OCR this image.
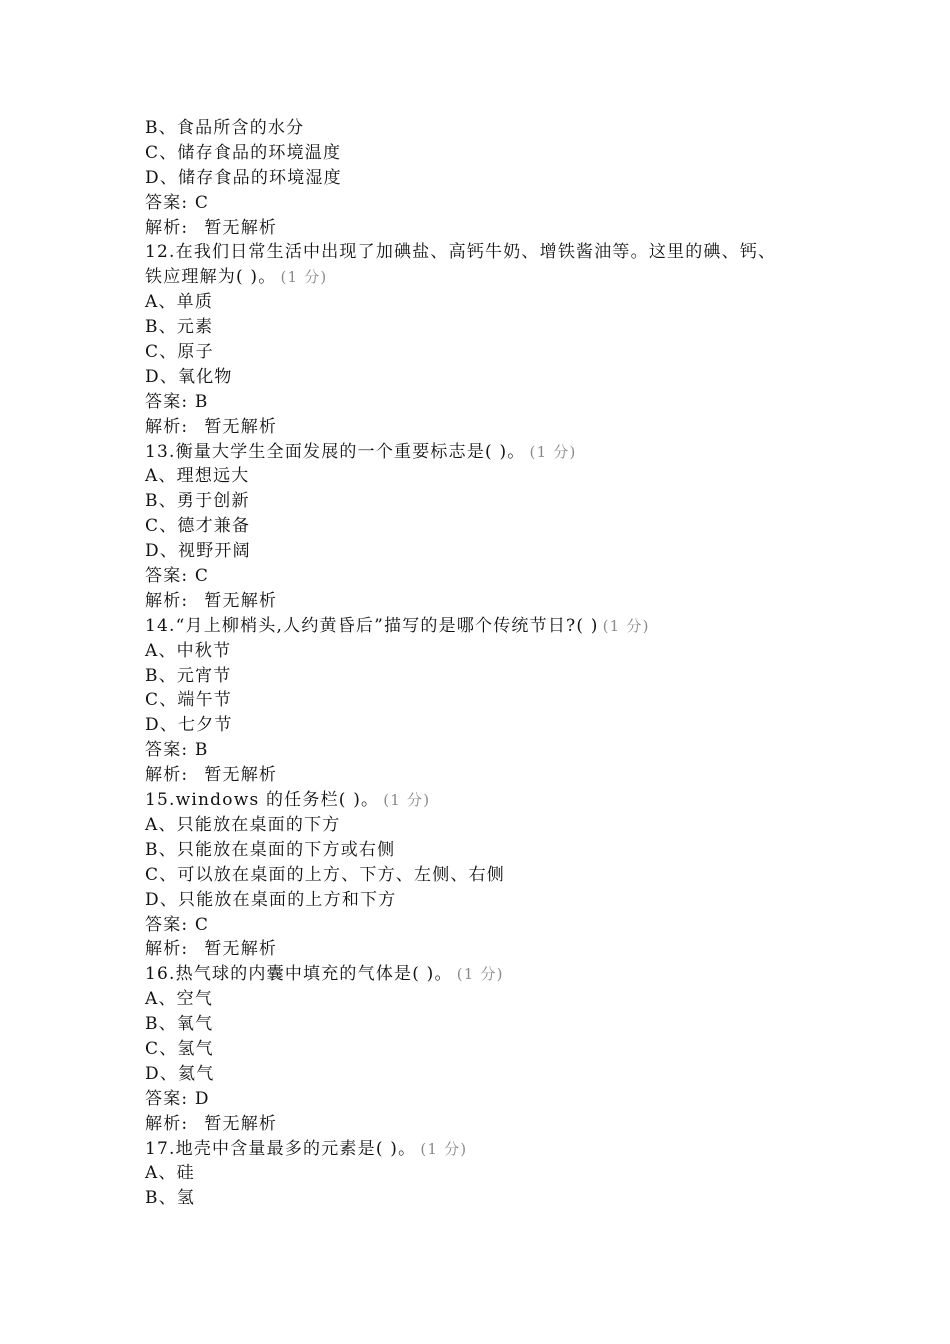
B、食品所含的水分
C、储存食品的环境温度
D、储存食品的环境湿度
答案: C
解析: 暂无解析
12.在我们日常生活中出现了加碘盐、高钙牛奶、增铁酱油等。这里的碘、钙、
铁应理解为( )。 (1 分)
A、单质
B、元素
C、原子
D、氧化物
答案: B
解析: 暂无解析
13.衡量大学生全面发展的一个重要标志是( )。 (1 分)
A、理想远大
B、勇于创新
C、德才兼备
D、视野开阔
答案: C
解析: 暂无解析
14.“月上柳梢头,人约黄昏后”描写的是哪个传统节日?( ) (1 分)
A、中秋节
B、元宵节
C、端午节
D、七夕节
答案: B
解析: 暂无解析
15.windows 的任务栏( )。 (1 分)
A、只能放在桌面的下方
B、只能放在桌面的下方或右侧
C、可以放在桌面的上方、下方、左侧、右侧
D、只能放在桌面的上方和下方
答案: C
解析: 暂无解析
16.热气球的内囊中填充的气体是( )。 (1 分)
A、空气
B、氧气
C、氢气
D、氦气
答案: D
解析: 暂无解析
17.地壳中含量最多的元素是( )。 (1 分)
A、硅
B、氢
